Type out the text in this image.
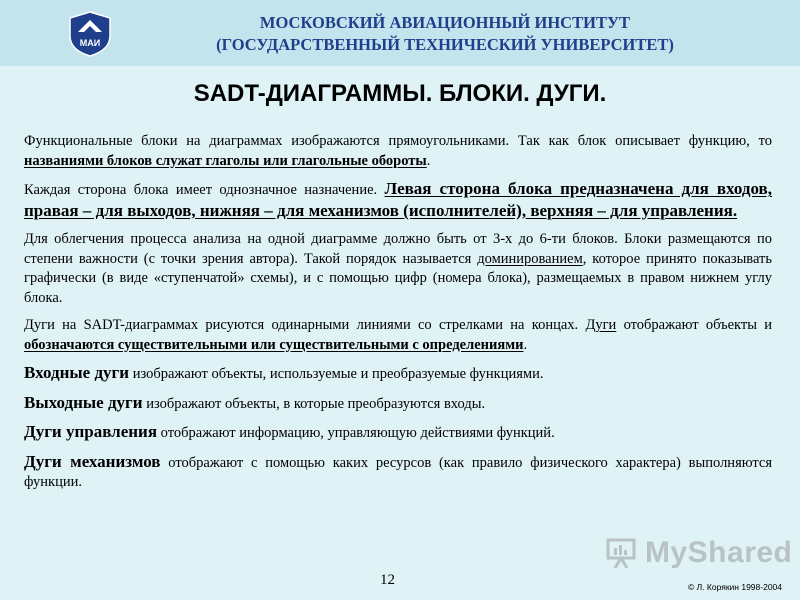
МАИ
МОСКОВСКИЙ АВИАЦИОННЫЙ ИНСТИТУТ
(ГОСУДАРСТВЕННЫЙ ТЕХНИЧЕСКИЙ УНИВЕРСИТЕТ)
SADT-ДИАГРАММЫ. БЛОКИ. ДУГИ.

Функциональные блоки на диаграммах изображаются прямоугольниками. Так как блок описывает функцию, то названиями блоков служат глаголы или глагольные обороты.

Каждая сторона блока имеет однозначное назначение. Левая сторона блока предназначена для входов, правая – для выходов, нижняя – для механизмов (исполнителей), верхняя – для управления.

Для облегчения процесса анализа на одной диаграмме должно быть от 3-х до 6-ти блоков. Блоки размещаются по степени важности (с точки зрения автора). Такой порядок называется доминированием, которое принято показывать графически (в виде «ступенчатой» схемы), и с помощью цифр (номера блока), размещаемых в правом нижнем углу блока.

Дуги на SADT-диаграммах рисуются одинарными линиями со стрелками на концах. Дуги отображают объекты и обозначаются существительными или существительными с определениями.

Входные дуги изображают объекты, используемые и преобразуемые функциями.

Выходные дуги изображают объекты, в которые преобразуются входы.

Дуги управления отображают информацию, управляющую действиями функций.

Дуги механизмов отображают с помощью каких ресурсов (как правило физического характера) выполняются функции.

MyShared
12	© Л. Корякин 1998-2004
